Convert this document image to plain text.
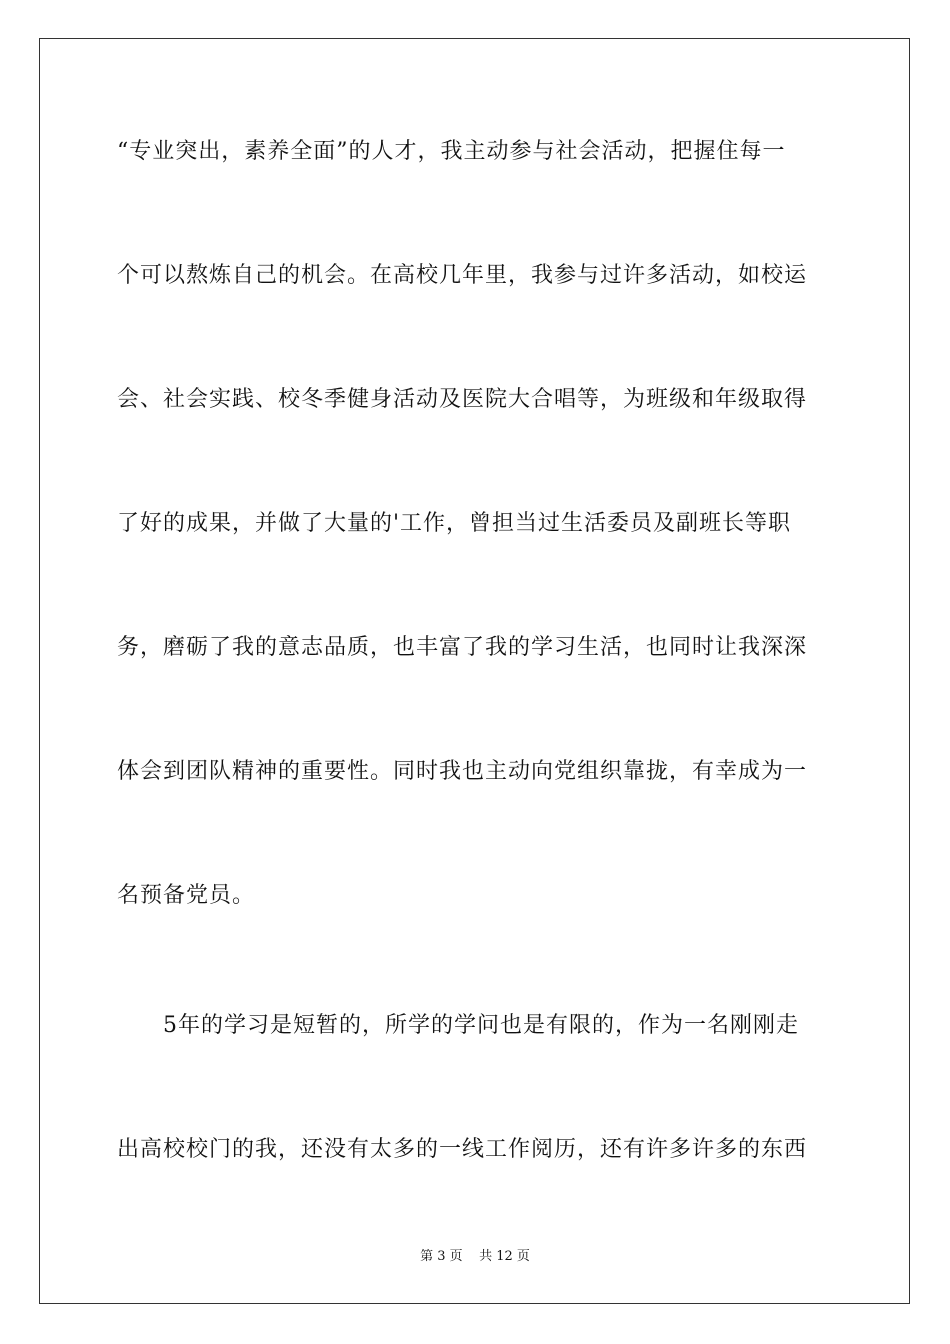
“专业突出，素养全面”的人才，我主动参与社会活动，把握住每一
个可以熬炼自己的机会。在高校几年里，我参与过许多活动，如校运
会、社会实践、校冬季健身活动及医院大合唱等，为班级和年级取得
了好的成果，并做了大量的'工作，曾担当过生活委员及副班长等职
务，磨砺了我的意志品质，也丰富了我的学习生活，也同时让我深深
体会到团队精神的重要性。同时我也主动向党组织靠拢，有幸成为一
名预备党员。
　　5年的学习是短暂的，所学的学问也是有限的，作为一名刚刚走
出高校校门的我，还没有太多的一线工作阅历，还有许多许多的东西
第 3 页    共 12 页
